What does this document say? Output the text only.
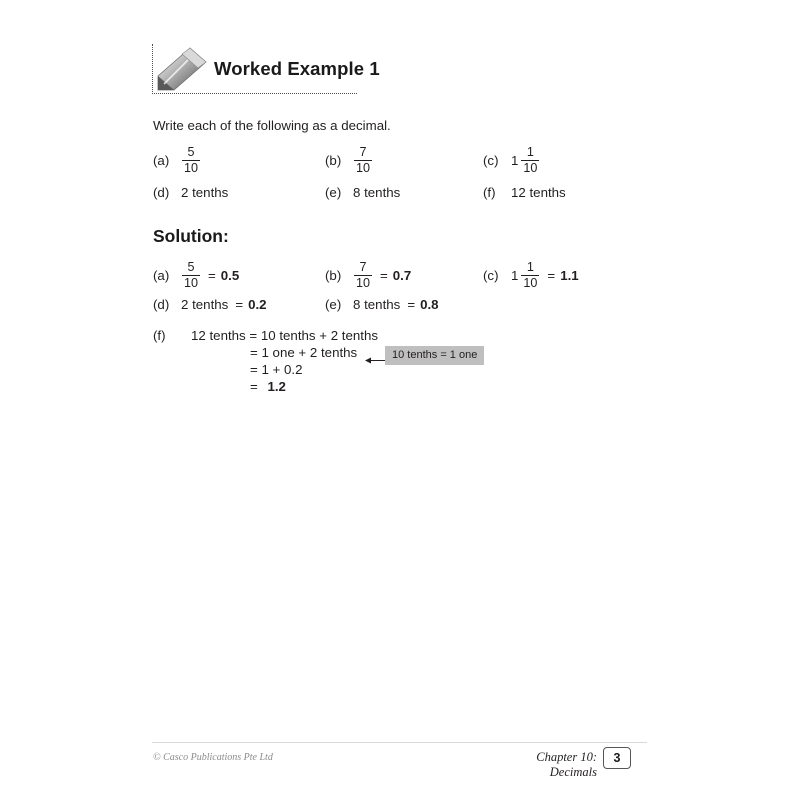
Worked Example 1
Write each of the following as a decimal.
(a)	$\frac{5}{10}$	(b)	$\frac{7}{10}$	(c) $1 \frac{1}{10}$
(d) 2 tenths	(e) 8 tenths	(f)	12 tenths
Solution:
(a)	$\frac{5}{10} = 0.5$	(b)	$\frac{7}{10} = 0.7$	(c) $1 \frac{1}{10} = 1.1$
(d) 2 tenths = 0.2	(e) 8 tenths = 0.8
(f)	12 tenths = 10 tenths + 2 tenths
= 1 one + 2 tenths
= 1 + 0.2
= 1.2
10 tenths = 1 one
© Casco Publications Pte Ltd	Chapter 10: Decimals
3
